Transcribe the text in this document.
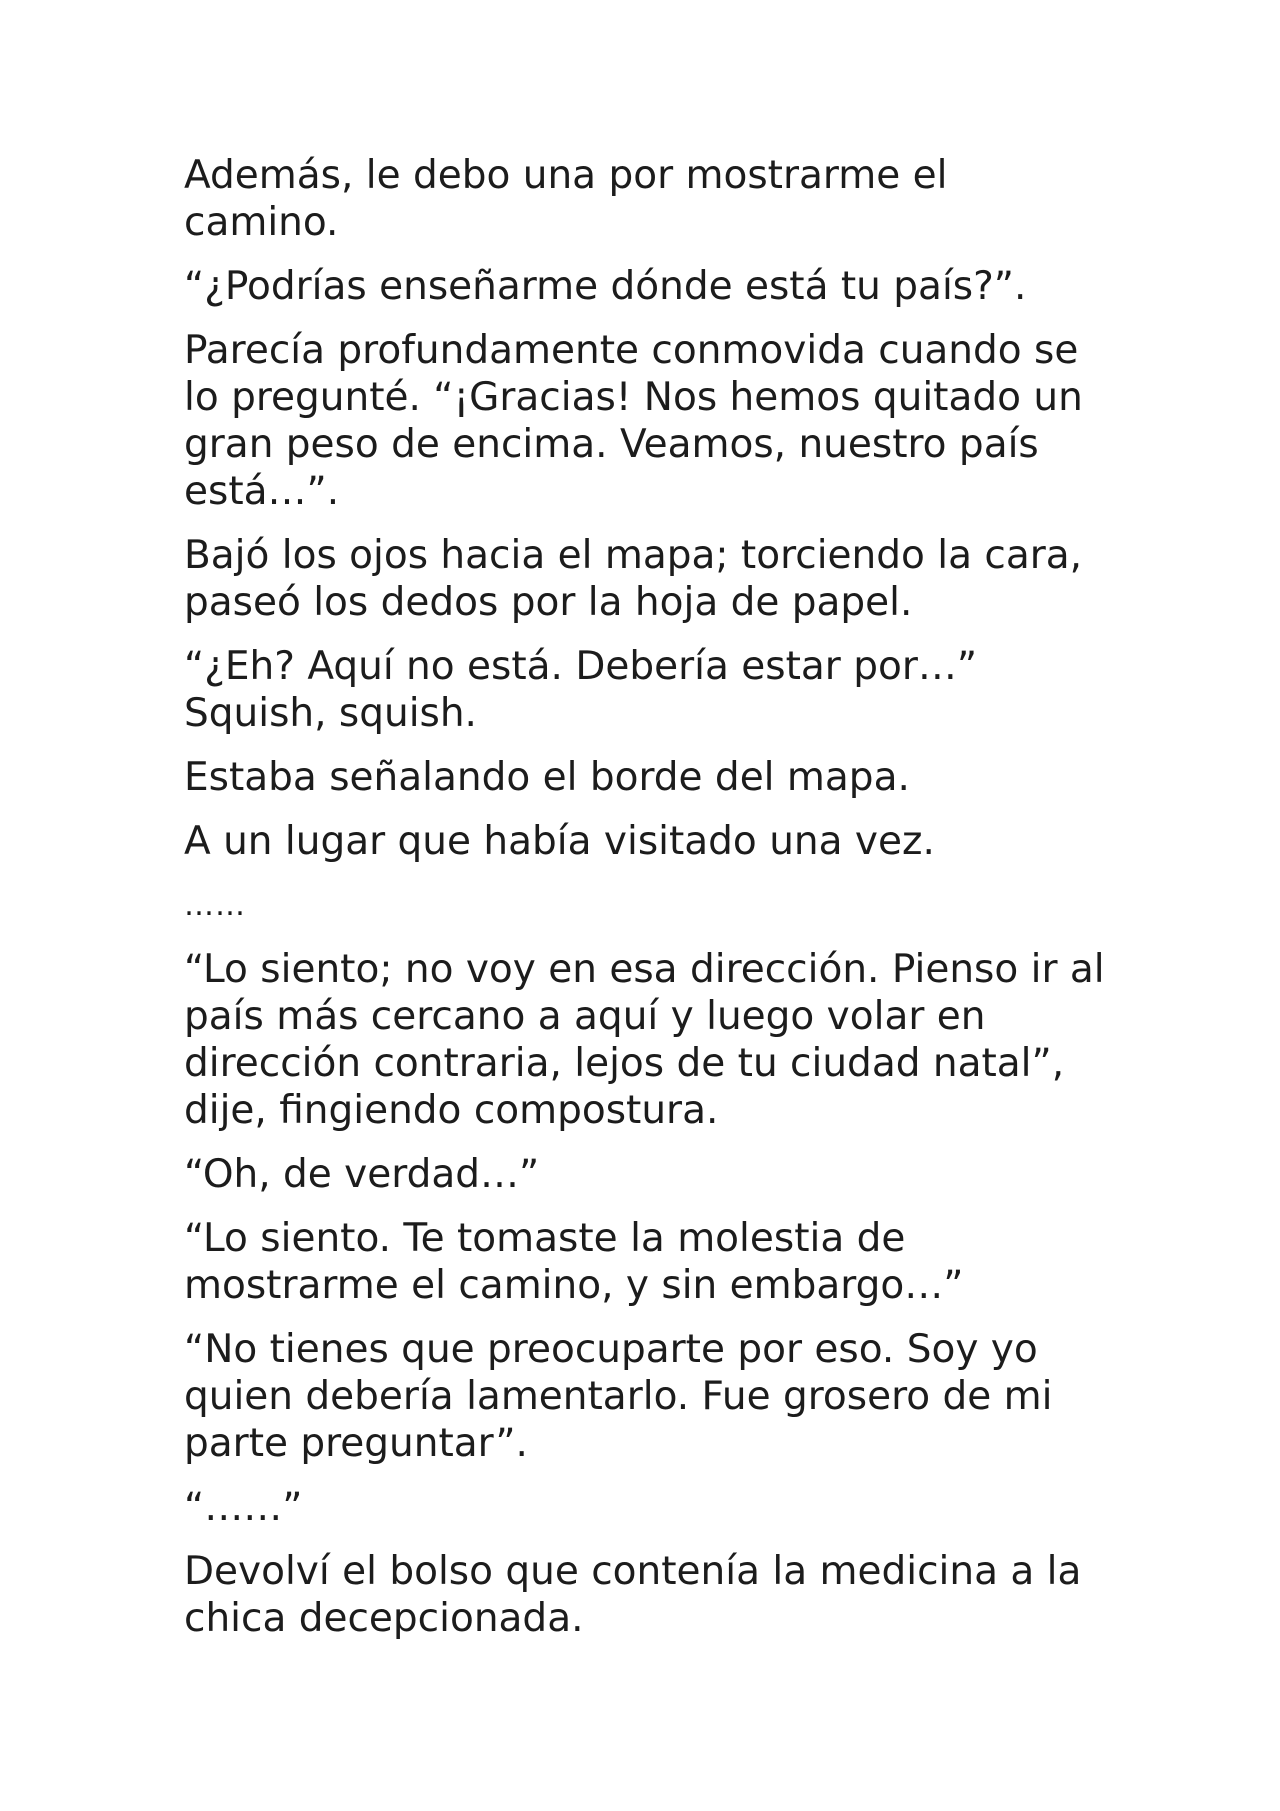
Además, le debo una por mostrarme el camino.

“¿Podrías enseñarme dónde está tu país?”.

Parecía profundamente conmovida cuando se lo pregunté. “¡Gracias! Nos hemos quitado un gran peso de encima. Veamos, nuestro país está…”.

Bajó los ojos hacia el mapa; torciendo la cara, paseó los dedos por la hoja de papel.

“¿Eh? Aquí no está. Debería estar por…” Squish, squish.

Estaba señalando el borde del mapa.

A un lugar que había visitado una vez.

……

“Lo siento; no voy en esa dirección. Pienso ir al país más cercano a aquí y luego volar en dirección contraria, lejos de tu ciudad natal”, dije, fingiendo compostura.

“Oh, de verdad…”

“Lo siento. Te tomaste la molestia de mostrarme el camino, y sin embargo…”

“No tienes que preocuparte por eso. Soy yo quien debería lamentarlo. Fue grosero de mi parte preguntar”.

“……”

Devolví el bolso que contenía la medicina a la chica decepcionada.
